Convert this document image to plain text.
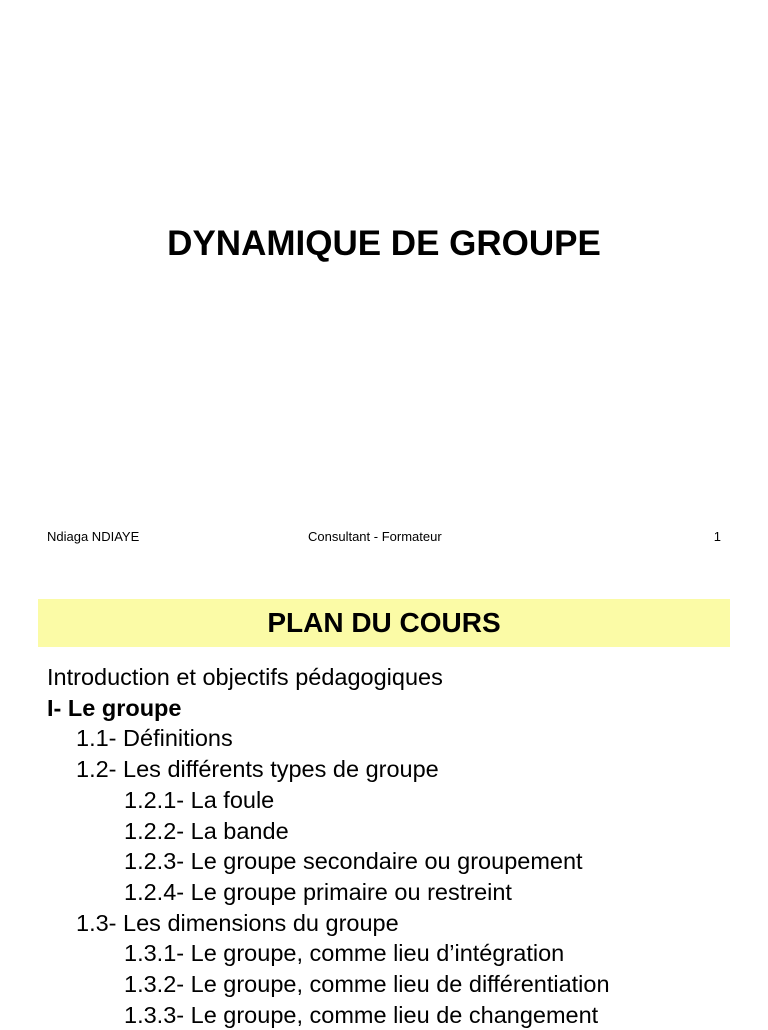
DYNAMIQUE DE GROUPE
Ndiaga NDIAYE	Consultant - Formateur	1
PLAN DU COURS
Introduction et objectifs pédagogiques
I- Le groupe
1.1- Définitions
1.2- Les différents types de groupe
1.2.1- La foule
1.2.2- La bande
1.2.3- Le groupe secondaire ou groupement
1.2.4- Le groupe primaire ou restreint
1.3- Les dimensions du groupe
1.3.1- Le groupe, comme lieu d’intégration
1.3.2- Le groupe, comme lieu de différentiation
1.3.3- Le groupe, comme lieu de changement
